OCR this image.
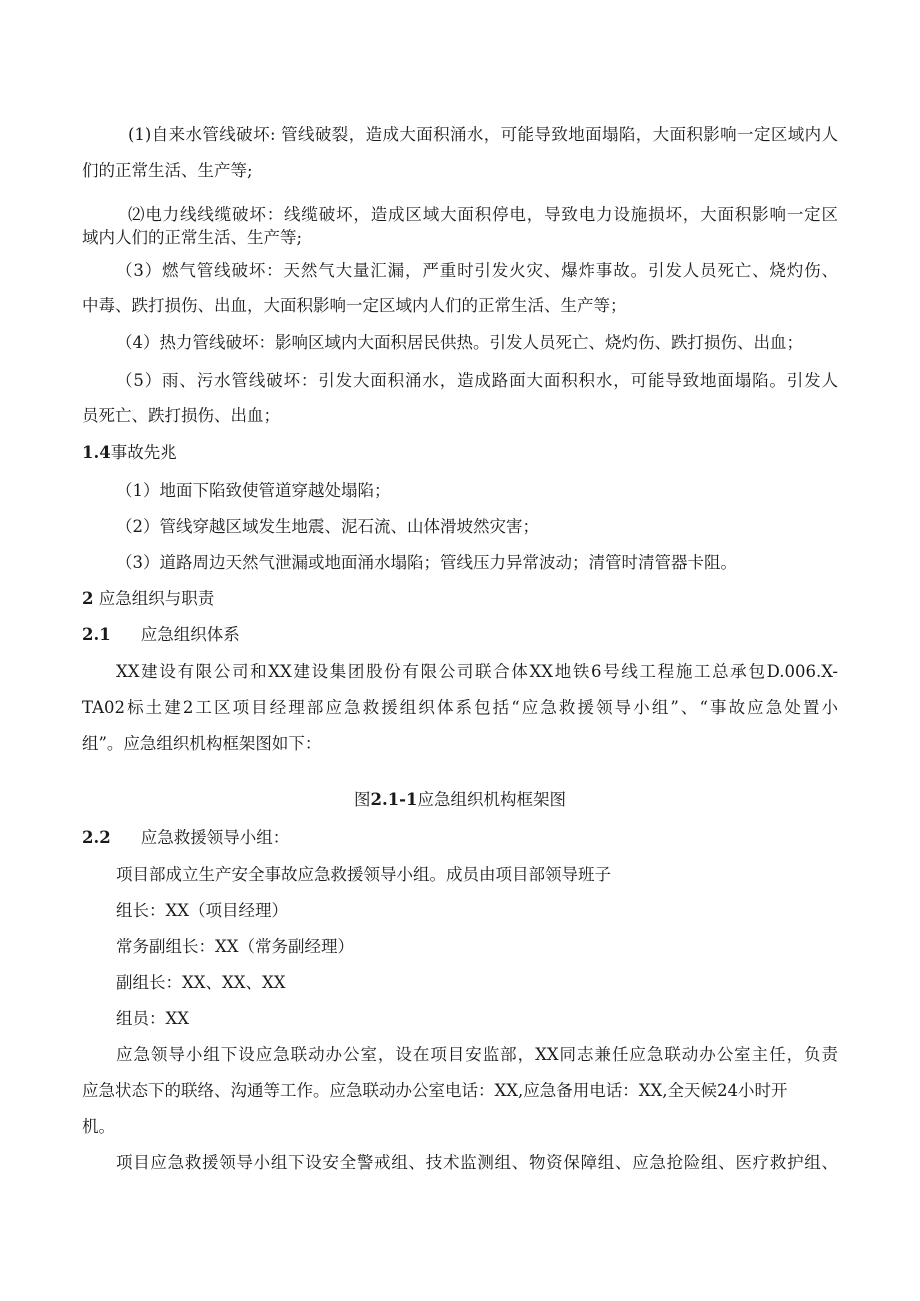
(1)自来水管线破坏: 管线破裂，造成大面积涌水，可能导致地面塌陷，大面积影响一定区域内人
们的正常生活、生产等;
⑵电力线线缆破坏：线缆破坏，造成区域大面积停电，导致电力设施损坏，大面积影响一定区
域内人们的正常生活、生产等;
（3）燃气管线破坏：天然气大量汇漏，严重时引发火灾、爆炸事故。引发人员死亡、烧灼伤、
中毒、跌打损伤、出血，大面积影响一定区域内人们的正常生活、生产等；
（4）热力管线破坏：影响区域内大面积居民供热。引发人员死亡、烧灼伤、跌打损伤、出血；
（5）雨、污水管线破坏：引发大面积涌水，造成路面大面积积水，可能导致地面塌陷。引发人
员死亡、跌打损伤、出血；
1.4事故先兆
（1）地面下陷致使管道穿越处塌陷；
（2）管线穿越区域发生地震、泥石流、山体滑坡然灾害；
（3）道路周边天然气泄漏或地面涌水塌陷；管线压力异常波动；清管时清管器卡阻。
2 应急组织与职责
2.1 应急组织体系
XX建设有限公司和XX建设集团股份有限公司联合体XX地铁6号线工程施工总承包D.006.X-
TA02标土建2工区项目经理部应急救援组织体系包括“应急救援领导小组”、“事故应急处置小
组”。应急组织机构框架图如下：
图2.1-1应急组织机构框架图
2.2 应急救援领导小组：
项目部成立生产安全事故应急救援领导小组。成员由项目部领导班子
组长：XX（项目经理）
常务副组长：XX（常务副经理）
副组长：XX、XX、XX
组员：XX
应急领导小组下设应急联动办公室，设在项目安监部，XX同志兼任应急联动办公室主任，负责
应急状态下的联络、沟通等工作。应急联动办公室电话：XX,应急备用电话：XX,全天候24小时开
机。
项目应急救援领导小组下设安全警戒组、技术监测组、物资保障组、应急抢险组、医疗救护组、
